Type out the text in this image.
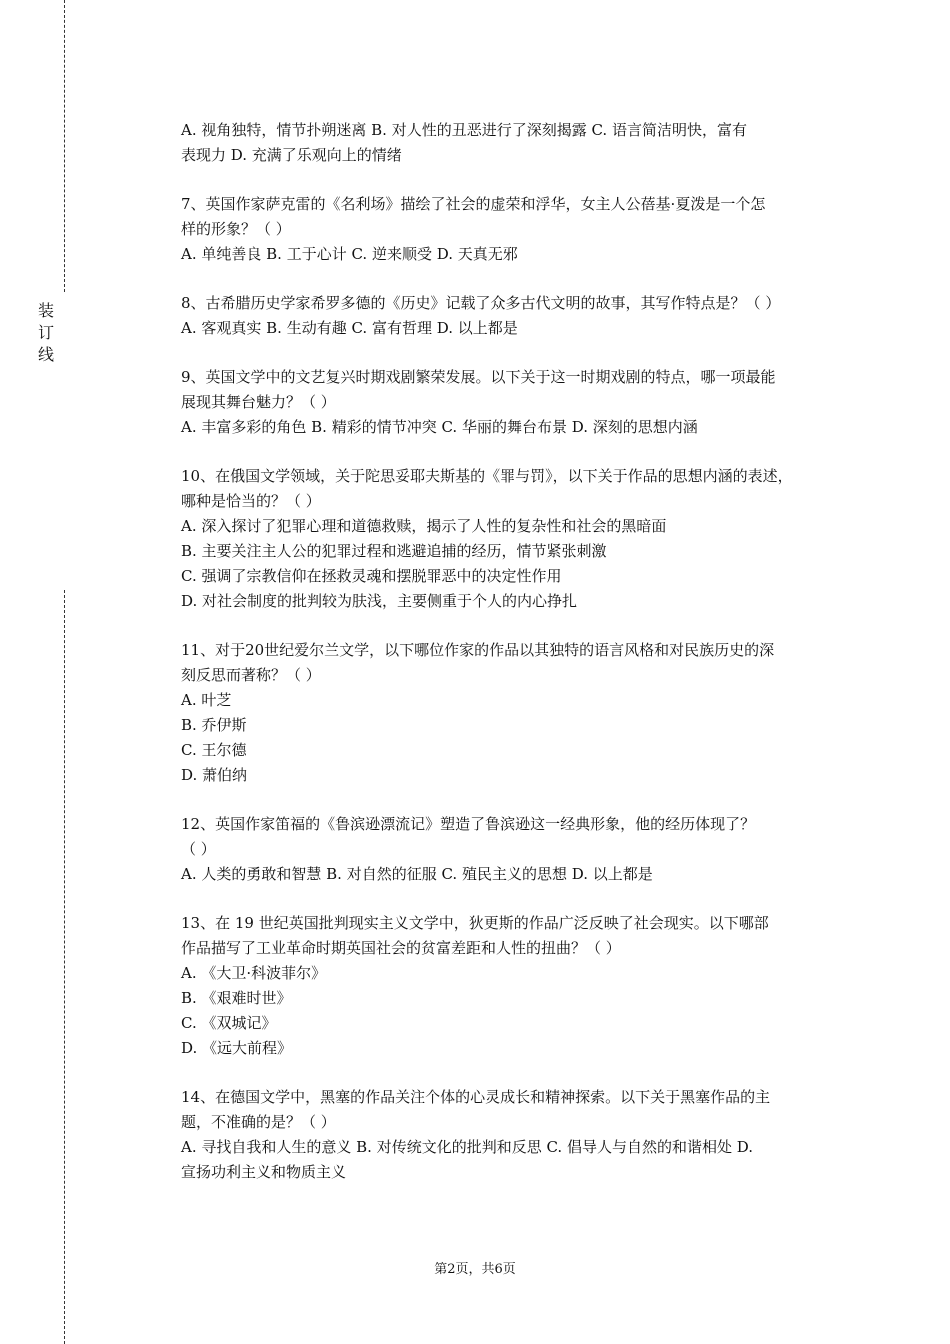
装
订
线

A. 视角独特，情节扑朔迷离 B. 对人性的丑恶进行了深刻揭露 C. 语言简洁明快，富有

表现力 D. 充满了乐观向上的情绪

7、英国作家萨克雷的《名利场》描绘了社会的虚荣和浮华，女主人公蓓基·夏泼是一个怎

样的形象？（ ）

A. 单纯善良 B. 工于心计 C. 逆来顺受 D. 天真无邪

8、古希腊历史学家希罗多德的《历史》记载了众多古代文明的故事，其写作特点是？（ ）

A. 客观真实 B. 生动有趣 C. 富有哲理 D. 以上都是

9、英国文学中的文艺复兴时期戏剧繁荣发展。以下关于这一时期戏剧的特点，哪一项最能

展现其舞台魅力？（ ）

A. 丰富多彩的角色 B. 精彩的情节冲突 C. 华丽的舞台布景 D. 深刻的思想内涵

10、在俄国文学领域，关于陀思妥耶夫斯基的《罪与罚》，以下关于作品的思想内涵的表述，

哪种是恰当的？（ ）

A. 深入探讨了犯罪心理和道德救赎，揭示了人性的复杂性和社会的黑暗面

B. 主要关注主人公的犯罪过程和逃避追捕的经历，情节紧张刺激

C. 强调了宗教信仰在拯救灵魂和摆脱罪恶中的决定性作用

D. 对社会制度的批判较为肤浅，主要侧重于个人的内心挣扎

11、对于20世纪爱尔兰文学，以下哪位作家的作品以其独特的语言风格和对民族历史的深

刻反思而著称？（ ）

A. 叶芝

B. 乔伊斯

C. 王尔德

D. 萧伯纳

12、英国作家笛福的《鲁滨逊漂流记》塑造了鲁滨逊这一经典形象，他的经历体现了？

（ ）

A. 人类的勇敢和智慧 B. 对自然的征服 C. 殖民主义的思想 D. 以上都是

13、在 19 世纪英国批判现实主义文学中，狄更斯的作品广泛反映了社会现实。以下哪部

作品描写了工业革命时期英国社会的贫富差距和人性的扭曲？（ ）

A. 《大卫·科波菲尔》

B. 《艰难时世》

C. 《双城记》

D. 《远大前程》

14、在德国文学中，黑塞的作品关注个体的心灵成长和精神探索。以下关于黑塞作品的主

题，不准确的是？（ ）

A. 寻找自我和人生的意义 B. 对传统文化的批判和反思 C. 倡导人与自然的和谐相处 D.

宣扬功利主义和物质主义

第2页，共6页
